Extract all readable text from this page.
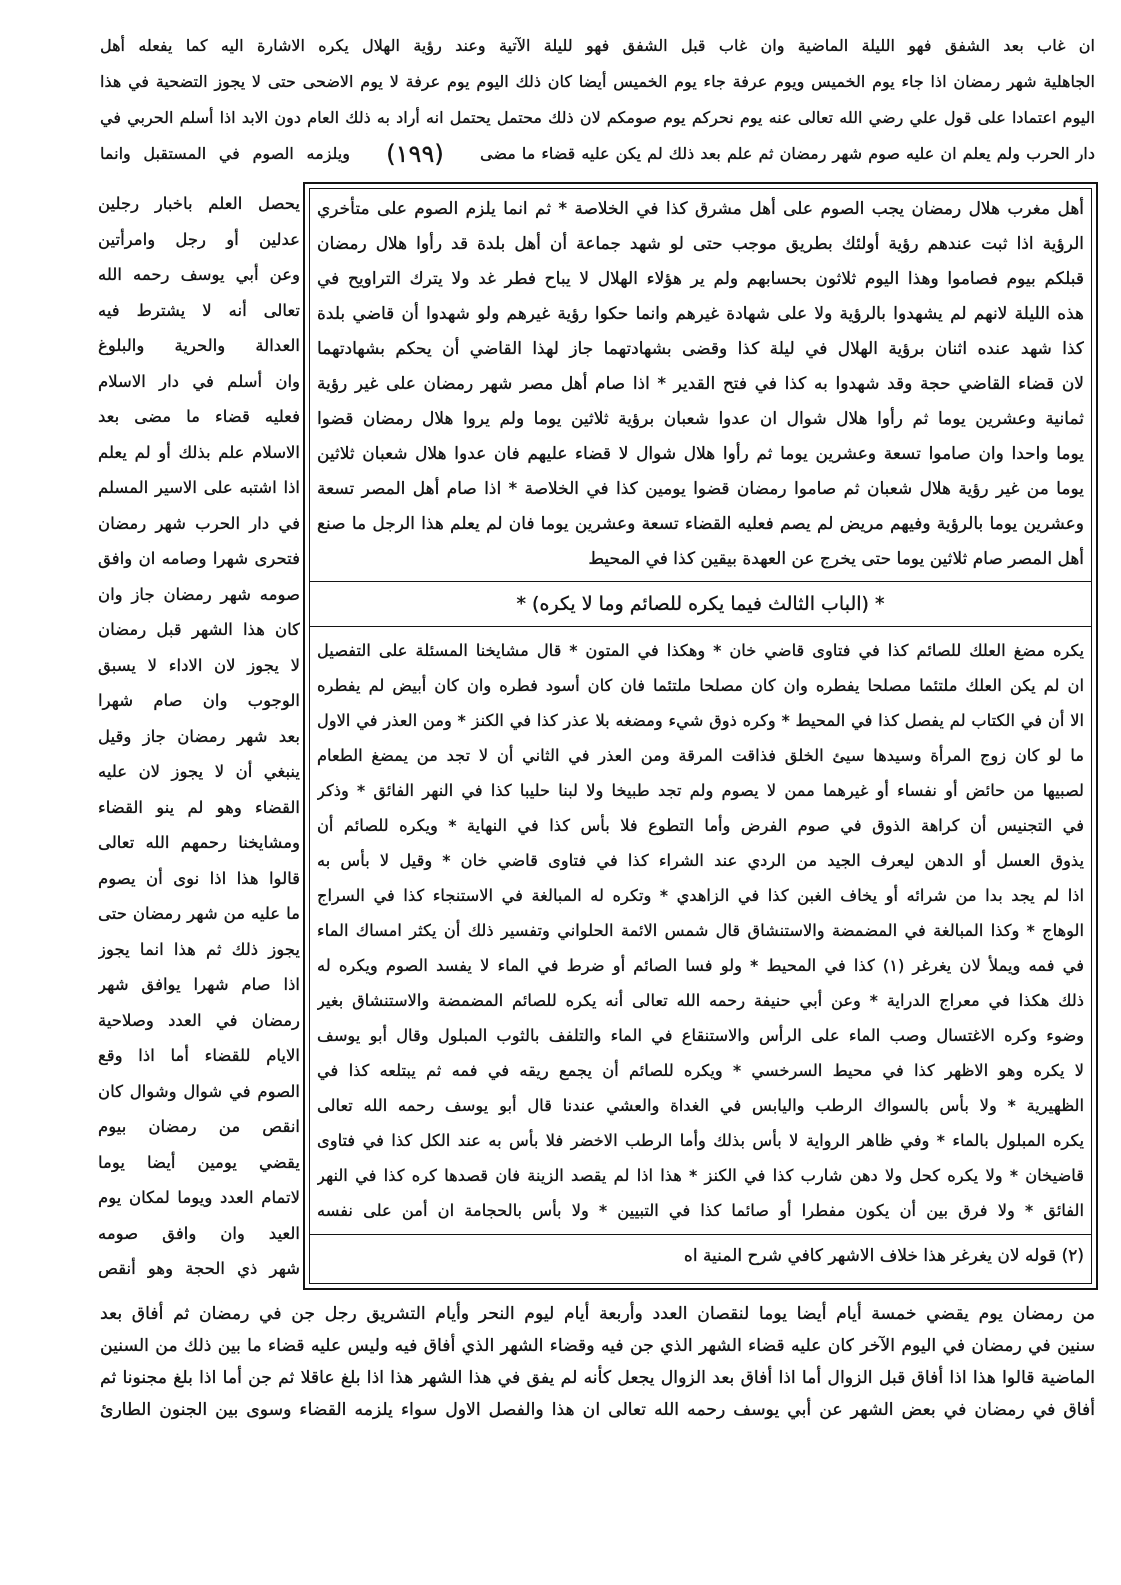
ان غاب بعد الشفق فهو الليلة الماضية وان غاب قبل الشفق فهو لليلة الآتية وعند رؤية الهلال يكره الاشارة اليه كما يفعله أهل
الجاهلية شهر رمضان اذا جاء يوم الخميس ويوم عرفة جاء يوم الخميس أيضا كان ذلك اليوم يوم عرفة لا يوم الاضحى حتى لا يجوز التضحية في هذا
اليوم اعتمادا على قول علي رضي الله تعالى عنه يوم نحركم يوم صومكم لان ذلك محتمل يحتمل انه أراد به ذلك العام دون الابد اذا أسلم الحربي في
دار الحرب ولم يعلم ان عليه صوم شهر رمضان ثم علم بعد ذلك لم يكن عليه قضاء ما مضى
(١٩٩)
ويلزمه الصوم في المستقبل وانما
يحصل العلم باخبار رجلين
عدلين أو رجل وامرأتين
وعن أبي يوسف رحمه الله
تعالى أنه لا يشترط فيه
العدالة والحرية والبلوغ
وان أسلم في دار الاسلام
فعليه قضاء ما مضى بعد
الاسلام علم بذلك أو لم يعلم
اذا اشتبه على الاسير المسلم
في دار الحرب شهر رمضان
فتحرى شهرا وصامه ان وافق
صومه شهر رمضان جاز وان
كان هذا الشهر قبل رمضان
لا يجوز لان الاداء لا يسبق
الوجوب وان صام شهرا
بعد شهر رمضان جاز وقيل
ينبغي أن لا يجوز لان عليه
القضاء وهو لم ينو القضاء
ومشايخنا رحمهم الله تعالى
قالوا هذا اذا نوى أن يصوم
ما عليه من شهر رمضان حتى
يجوز ذلك ثم هذا انما يجوز
اذا صام شهرا يوافق شهر
رمضان في العدد وصلاحية
الايام للقضاء أما اذا وقع
الصوم في شوال وشوال كان
انقص من رمضان بيوم
يقضي يومين أيضا يوما
لاتمام العدد ويوما لمكان يوم
العيد وان وافق صومه
شهر ذي الحجة وهو أنقص
أهل مغرب هلال رمضان يجب الصوم على أهل مشرق كذا في الخلاصة * ثم انما يلزم الصوم على متأخري
الرؤية اذا ثبت عندهم رؤية أولئك بطريق موجب حتى لو شهد جماعة أن أهل بلدة قد رأوا هلال رمضان
قبلكم بيوم فصاموا وهذا اليوم ثلاثون بحسابهم ولم ير هؤلاء الهلال لا يباح فطر غد ولا يترك التراويح في
هذه الليلة لانهم لم يشهدوا بالرؤية ولا على شهادة غيرهم وانما حكوا رؤية غيرهم ولو شهدوا أن قاضي بلدة
كذا شهد عنده اثنان برؤية الهلال في ليلة كذا وقضى بشهادتهما جاز لهذا القاضي أن يحكم بشهادتهما
لان قضاء القاضي حجة وقد شهدوا به كذا في فتح القدير * اذا صام أهل مصر شهر رمضان على غير رؤية
ثمانية وعشرين يوما ثم رأوا هلال شوال ان عدوا شعبان برؤية ثلاثين يوما ولم يروا هلال رمضان قضوا
يوما واحدا وان صاموا تسعة وعشرين يوما ثم رأوا هلال شوال لا قضاء عليهم فان عدوا هلال شعبان ثلاثين
يوما من غير رؤية هلال شعبان ثم صاموا رمضان قضوا يومين كذا في الخلاصة * اذا صام أهل المصر تسعة
وعشرين يوما بالرؤية وفيهم مريض لم يصم فعليه القضاء تسعة وعشرين يوما فان لم يعلم هذا الرجل ما صنع
أهل المصر صام ثلاثين يوما حتى يخرج عن العهدة بيقين كذا في المحيط
* (الباب الثالث فيما يكره للصائم وما لا يكره) *
يكره مضغ العلك للصائم كذا في فتاوى قاضي خان * وهكذا في المتون * قال مشايخنا المسئلة على التفصيل
ان لم يكن العلك ملتئما مصلحا يفطره وان كان مصلحا ملتئما فان كان أسود فطره وان كان أبيض لم يفطره
الا أن في الكتاب لم يفصل كذا في المحيط * وكره ذوق شيء ومضغه بلا عذر كذا في الكنز * ومن العذر في الاول
ما لو كان زوج المرأة وسيدها سيئ الخلق فذاقت المرقة ومن العذر في الثاني أن لا تجد من يمضغ الطعام
لصبيها من حائض أو نفساء أو غيرهما ممن لا يصوم ولم تجد طبيخا ولا لبنا حليبا كذا في النهر الفائق * وذكر
في التجنيس أن كراهة الذوق في صوم الفرض وأما التطوع فلا بأس كذا في النهاية * ويكره للصائم أن
يذوق العسل أو الدهن ليعرف الجيد من الردي عند الشراء كذا في فتاوى قاضي خان * وقيل لا بأس به
اذا لم يجد بدا من شرائه أو يخاف الغبن كذا في الزاهدي * وتكره له المبالغة في الاستنجاء كذا في السراج
الوهاج * وكذا المبالغة في المضمضة والاستنشاق قال شمس الائمة الحلواني وتفسير ذلك أن يكثر امساك الماء
في فمه ويملأ لان يغرغر (١) كذا في المحيط * ولو فسا الصائم أو ضرط في الماء لا يفسد الصوم ويكره له
ذلك هكذا في معراج الدراية * وعن أبي حنيفة رحمه الله تعالى أنه يكره للصائم المضمضة والاستنشاق بغير
وضوء وكره الاغتسال وصب الماء على الرأس والاستنقاع في الماء والتلفف بالثوب المبلول وقال أبو يوسف
لا يكره وهو الاظهر كذا في محيط السرخسي * ويكره للصائم أن يجمع ريقه في فمه ثم يبتلعه كذا في
الظهيرية * ولا بأس بالسواك الرطب واليابس في الغداة والعشي عندنا قال أبو يوسف رحمه الله تعالى
يكره المبلول بالماء * وفي ظاهر الرواية لا بأس بذلك وأما الرطب الاخضر فلا بأس به عند الكل كذا في فتاوى
قاضيخان * ولا يكره كحل ولا دهن شارب كذا في الكنز * هذا اذا لم يقصد الزينة فان قصدها كره كذا في النهر
الفائق * ولا فرق بين أن يكون مفطرا أو صائما كذا في التبيين * ولا بأس بالحجامة ان أمن على نفسه
(٢) قوله لان يغرغر هذا خلاف الاشهر كافي شرح المنية اه
من رمضان يوم يقضي خمسة أيام أيضا يوما لنقصان العدد وأربعة أيام ليوم النحر وأيام التشريق رجل جن في رمضان ثم أفاق بعد
سنين في رمضان في اليوم الآخر كان عليه قضاء الشهر الذي جن فيه وقضاء الشهر الذي أفاق فيه وليس عليه قضاء ما بين ذلك من السنين
الماضية قالوا هذا اذا أفاق قبل الزوال أما اذا أفاق بعد الزوال يجعل كأنه لم يفق في هذا الشهر هذا اذا بلغ عاقلا ثم جن أما اذا بلغ مجنونا ثم
أفاق في رمضان في بعض الشهر عن أبي يوسف رحمه الله تعالى ان هذا والفصل الاول سواء يلزمه القضاء وسوى بين الجنون الطارئ
